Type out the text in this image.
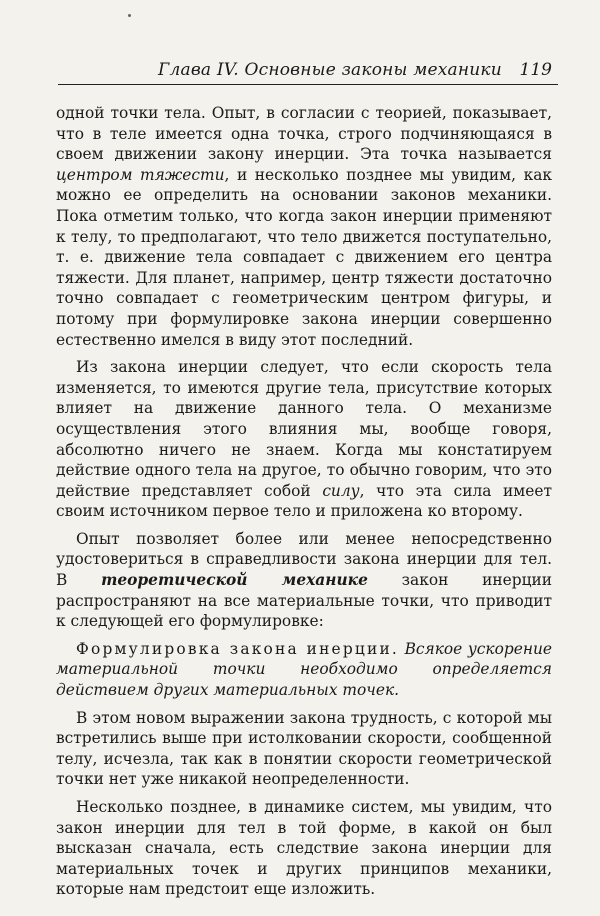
Глава IV. Основные законы механики 119

одной точки тела. Опыт, в согласии с теорией, показывает, что в теле имеется одна точка, строго подчиняющаяся в своем движении закону инерции. Эта точка называется центром тяжести, и несколько позднее мы увидим, как можно ее определить на основании законов механики. Пока отметим только, что когда закон инерции применяют к телу, то предполагают, что тело движется поступательно, т. е. движение тела совпадает с движением его центра тяжести. Для планет, например, центр тяжести достаточно точно совпадает с геометрическим центром фигуры, и потому при формулировке закона инерции совершенно естественно имелся в виду этот последний.

Из закона инерции следует, что если скорость тела изменяется, то имеются другие тела, присутствие которых влияет на движение данного тела. О механизме осуществления этого влияния мы, вообще говоря, абсолютно ничего не знаем. Когда мы констатируем действие одного тела на другое, то обычно говорим, что это действие представляет собой силу, что эта сила имеет своим источником первое тело и приложена ко второму.

Опыт позволяет более или менее непосредственно удостовериться в справедливости закона инерции для тел. В теоретической механике закон инерции распространяют на все материальные точки, что приводит к следующей его формулировке:

Формулировка закона инерции. Всякое ускорение материальной точки необходимо определяется действием других материальных точек.

В этом новом выражении закона трудность, с которой мы встретились выше при истолковании скорости, сообщенной телу, исчезла, так как в понятии скорости геометрической точки нет уже никакой неопределенности.

Несколько позднее, в динамике систем, мы увидим, что закон инерции для тел в той форме, в какой он был высказан сначала, есть следствие закона инерции для материальных точек и других принципов механики, которые нам предстоит еще изложить.
